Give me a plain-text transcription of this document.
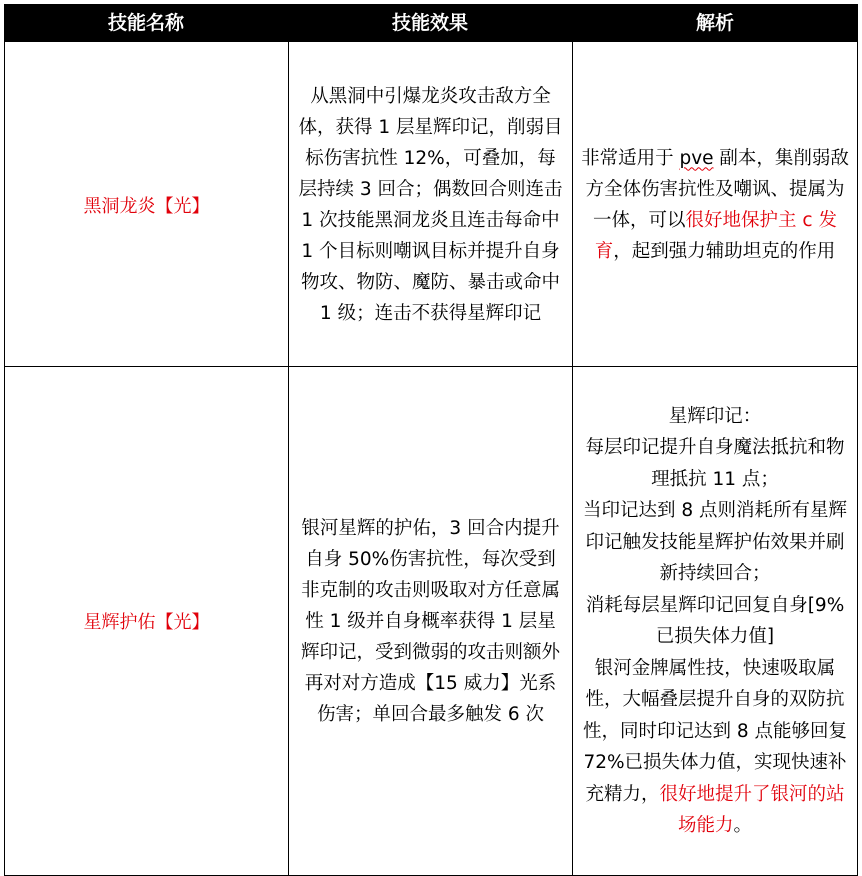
技能名称	技能效果	解析
黑洞龙炎【光】
从黑洞中引爆龙炎攻击敌方全体，获得 1 层星辉印记，削弱目标伤害抗性 12%，可叠加，每层持续 3 回合；偶数回合则连击 1 次技能黑洞龙炎且连击每命中 1 个目标则嘲讽目标并提升自身物攻、物防、魔防、暴击或命中 1 级；连击不获得星辉印记
非常适用于 pve 副本，集削弱敌方全体伤害抗性及嘲讽、提属为一体，可以很好地保护主 c 发育，起到强力辅助坦克的作用
星辉护佑【光】
银河星辉的护佑，3 回合内提升自身 50%伤害抗性，每次受到非克制的攻击则吸取对方任意属性 1 级并自身概率获得 1 层星辉印记，受到微弱的攻击则额外再对对方造成【15 威力】光系伤害；单回合最多触发 6 次
星辉印记：
每层印记提升自身魔法抵抗和物理抵抗 11 点；
当印记达到 8 点则消耗所有星辉印记触发技能星辉护佑效果并刷新持续回合；
消耗每层星辉印记回复自身[9%已损失体力值]
银河金牌属性技，快速吸取属性，大幅叠层提升自身的双防抗性，同时印记达到 8 点能够回复 72%已损失体力值，实现快速补充精力，很好地提升了银河的站场能力。
